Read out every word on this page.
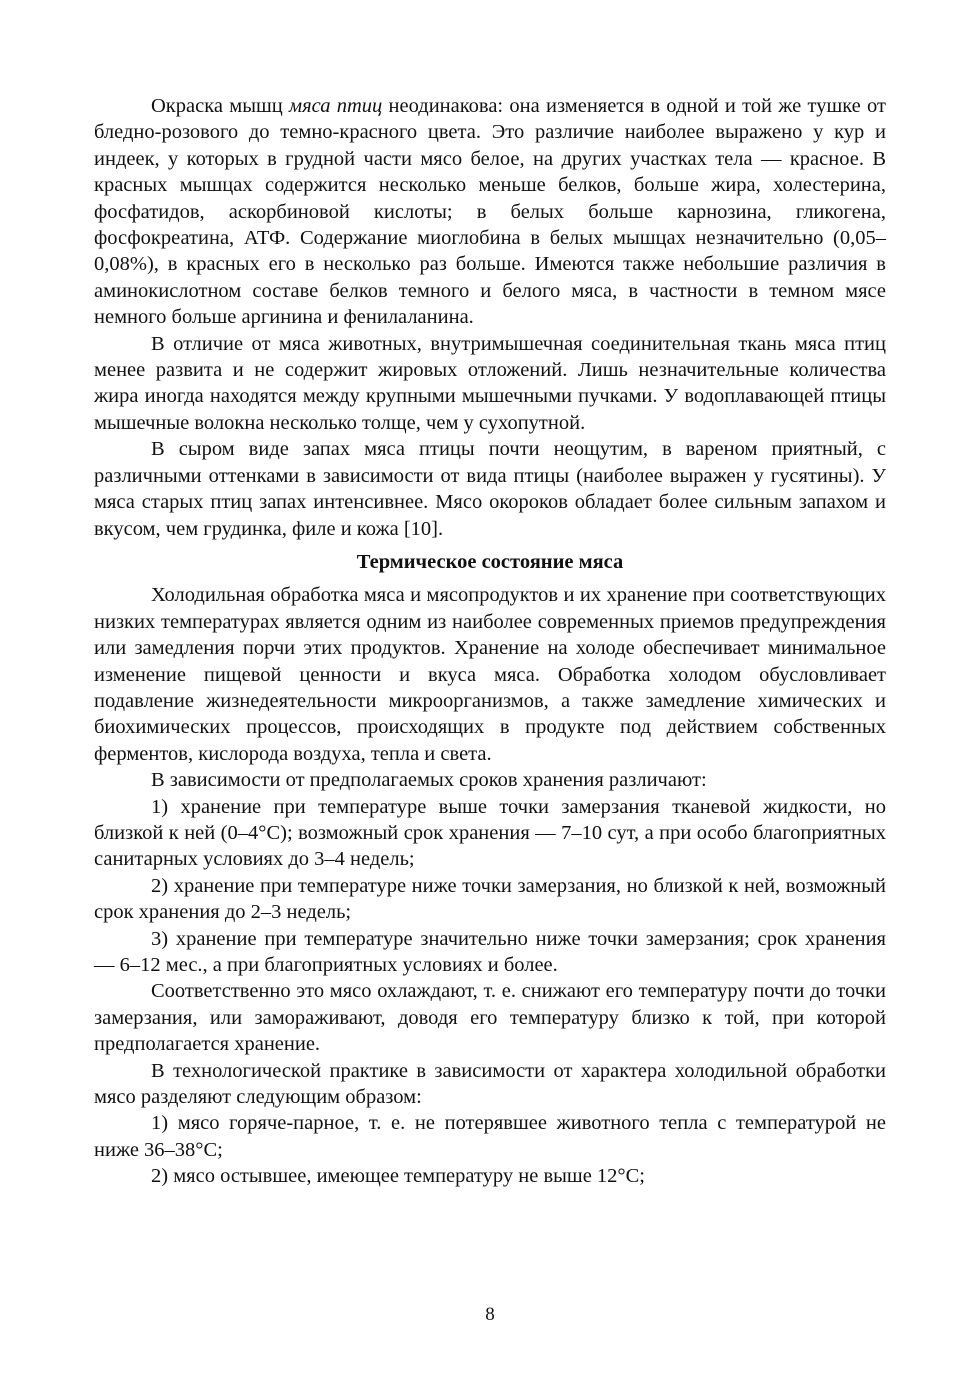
Окраска мышц мяса птиц неодинакова: она изменяется в одной и той же тушке от бледно-розового до темно-красного цвета. Это различие наиболее выражено у кур и индеек, у которых в грудной части мясо белое, на других участках тела — красное. В красных мышцах содержится несколько меньше белков, больше жира, холестерина, фосфатидов, аскорбиновой кислоты; в белых больше карнозина, гликогена, фосфокреатина, АТФ. Содержание миоглобина в белых мышцах незначительно (0,05–0,08%), в красных его в несколько раз больше. Имеются также небольшие различия в аминокислотном составе белков темного и белого мяса, в частности в темном мясе немного больше аргинина и фенилаланина.

В отличие от мяса животных, внутримышечная соединительная ткань мяса птиц менее развита и не содержит жировых отложений. Лишь незначительные количества жира иногда находятся между крупными мышечными пучками. У водоплавающей птицы мышечные волокна несколько толще, чем у сухопутной.

В сыром виде запах мяса птицы почти неощутим, в вареном приятный, с различными оттенками в зависимости от вида птицы (наиболее выражен у гусятины). У мяса старых птиц запах интенсивнее. Мясо окороков обладает более сильным запахом и вкусом, чем грудинка, филе и кожа [10].

Термическое состояние мяса

Холодильная обработка мяса и мясопродуктов и их хранение при соответствующих низких температурах является одним из наиболее современных приемов предупреждения или замедления порчи этих продуктов. Хранение на холоде обеспечивает минимальное изменение пищевой ценности и вкуса мяса. Обработка холодом обусловливает подавление жизнедеятельности микроорганизмов, а также замедление химических и биохимических процессов, происходящих в продукте под действием собственных ферментов, кислорода воздуха, тепла и света.

В зависимости от предполагаемых сроков хранения различают:

1) хранение при температуре выше точки замерзания тканевой жидкости, но близкой к ней (0–4°С); возможный срок хранения — 7–10 сут, а при особо благоприятных санитарных условиях до 3–4 недель;

2) хранение при температуре ниже точки замерзания, но близкой к ней, возможный срок хранения до 2–3 недель;

3) хранение при температуре значительно ниже точки замерзания; срок хранения — 6–12 мес., а при благоприятных условиях и более.

Соответственно это мясо охлаждают, т. е. снижают его температуру почти до точки замерзания, или замораживают, доводя его температуру близко к той, при которой предполагается хранение.

В технологической практике в зависимости от характера холодильной обработки мясо разделяют следующим образом:

1) мясо горяче-парное, т. е. не потерявшее животного тепла с температурой не ниже 36–38°С;

2) мясо остывшее, имеющее температуру не выше 12°С;

8
